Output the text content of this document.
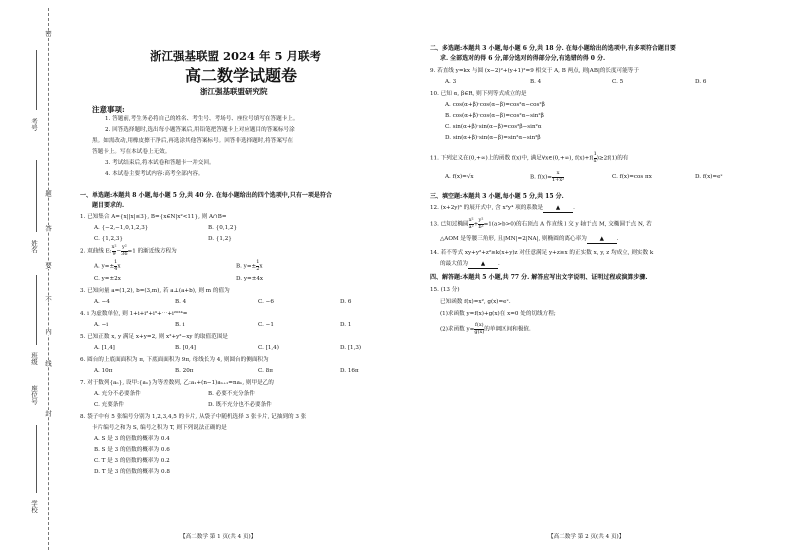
密
题
答
要
不
内
线
封
考号
姓名
班级
座位号
学校
浙江强基联盟 2024 年 5 月联考
高二数学试题卷
浙江强基联盟研究院
注意事项:
1. 答题前,考生务必将自己的姓名、考生号、考场号、座位号填写在答题卡上。
2. 回答选择题时,选出每小题答案后,用铅笔把答题卡上对应题目的答案标号涂
黑。如需改动,用橡皮擦干净后,再选涂其他答案标号。回答非选择题时,将答案写在
答题卡上。写在本试卷上无效。
3. 考试结束后,将本试卷和答题卡一并交回。
4. 本试卷主要考试内容:高考全部内容。
一、单选题:本题共 8 小题,每小题 5 分,共 40 分. 在每小题给出的四个选项中,只有一项是符合
题目要求的.
1. 已知集合 A={x||x|≤3}, B={x∈N|x²<11}, 则 A∩B=
A. {−2,−1,0,1,2,3}	B. {0,1,2}
C. {1,2,3}	D. {1,2}
2. 双曲线 E: $\frac{\text{x²}}{9} - \frac{\text{y²}}{36} =1$ 的渐近线方程为
A. $y=\pm \frac{1}{4}$ x	B. $y=\pm \frac{1}{2}$ x
C. y=±2x	D. y=±4x
3. 已知向量 a=(1,2), b=(3,m), 若 a⊥(a+b), 则 m 的值为
A. −4	B. 4	C. −6	D. 6
4. i 为虚数单位, 则 1+i+i²+i³+⋯+i²⁰²⁴=
A. −i	B. i	C. −1	D. 1
5. 已知正数 x, y 满足 x+y=2, 则 x²+y²−xy 的取值范围是
A. [1,4]	B. [0,4]	C. [1,4)	D. [1,3)
6. 圆台的上底面面积为 π, 下底面面积为 9π, 母线长为 4, 则圆台的侧面积为
A. 10π	B. 20π	C. 8π	D. 16π
7. 对于数列{aₙ}, 设甲:{aₙ}为等差数列, 乙:a₁+(n−1)aₙ₊₁=naₙ, 则甲是乙的
A. 充分不必要条件	B. 必要不充分条件
C. 充要条件	D. 既不充分也不必要条件
8. 袋子中有 5 张编号分别为 1,2,3,4,5 的卡片, 从袋子中随机选择 3 张卡片, 记抽到的 3 张
卡片编号之和为 S, 编号之积为 T, 则下列说法正确的是
A. S 是 3 的倍数的概率为 0.4
B. S 是 3 的倍数的概率为 0.6
C. T 是 3 的倍数的概率为 0.2
D. T 是 3 的倍数的概率为 0.8
【高二数学 第 1 页(共 4 页)】
二、多选题:本题共 3 小题,每小题 6 分,共 18 分. 在每小题给出的选项中,有多项符合题目要
求. 全部选对的得 6 分,部分选对的得部分分,有选错的得 0 分.
9. 若直线 y=kx 与圆 (x−2)²+(y+1)²=9 相交于 A, B 两点, 则|AB|的长度可能等于
A. 3	B. 4	C. 5	D. 6
10. 已知 α, β∈R, 则下列等式成立的是
A. cos(α+β)·cos(α−β)=cos²α−cos²β
B. cos(α+β)·cos(α−β)=cos²α−sin²β
C. sin(α+β)·sin(α−β)=cos²β−sin²α
D. sin(α+β)·sin(α−β)=sin²α−sin²β
11. 下列定义在(0,+∞)上的函数 f(x)中, 满足∀x∈(0,+∞), $f(x)+f( \frac{1}{x} )\ge 2f(1)$的有
A. f(x)=√x	B. $f(x)= \frac{x}{\text{1+x²}}$	C. f(x)=cos πx	D. f(x)=eˣ
三、填空题:本题共 3 小题,每小题 5 分,共 15 分.
12. (x+2y)⁶ 的展开式中, 含 x²y⁴ 项的系数是 ▲ .
13. 已知过椭圆 $\frac{\text{x²}}{\text{a²}} + \frac{\text{y²}}{\text{b²}} =1(a>b>0)$的右顶点 A 作直线 l 交 y 轴于点 M, 交椭圆于点 N, 若
△AOM 是等腰三角形, 且|MN|=2|NA|, 则椭圆的离心率为 ▲ .
14. 若不等式 xy+y²+z²≥k(x+y)z 对任意满足 y+z≥x 的正实数 x, y, z 均成立, 则实数 k
的最大值为 ▲ .
四、解答题:本题共 5 小题,共 77 分. 解答应写出文字说明、证明过程或演算步骤.
15. (13 分)
已知函数 f(x)=x², g(x)=eˣ.
(1)求函数 y=f(x)+g(x)在 x=0 处的切线方程;
(2)求函数 $y= \frac{f(x)}{g(x)}$ 的单调区间和极值.
【高二数学 第 2 页(共 4 页)】
